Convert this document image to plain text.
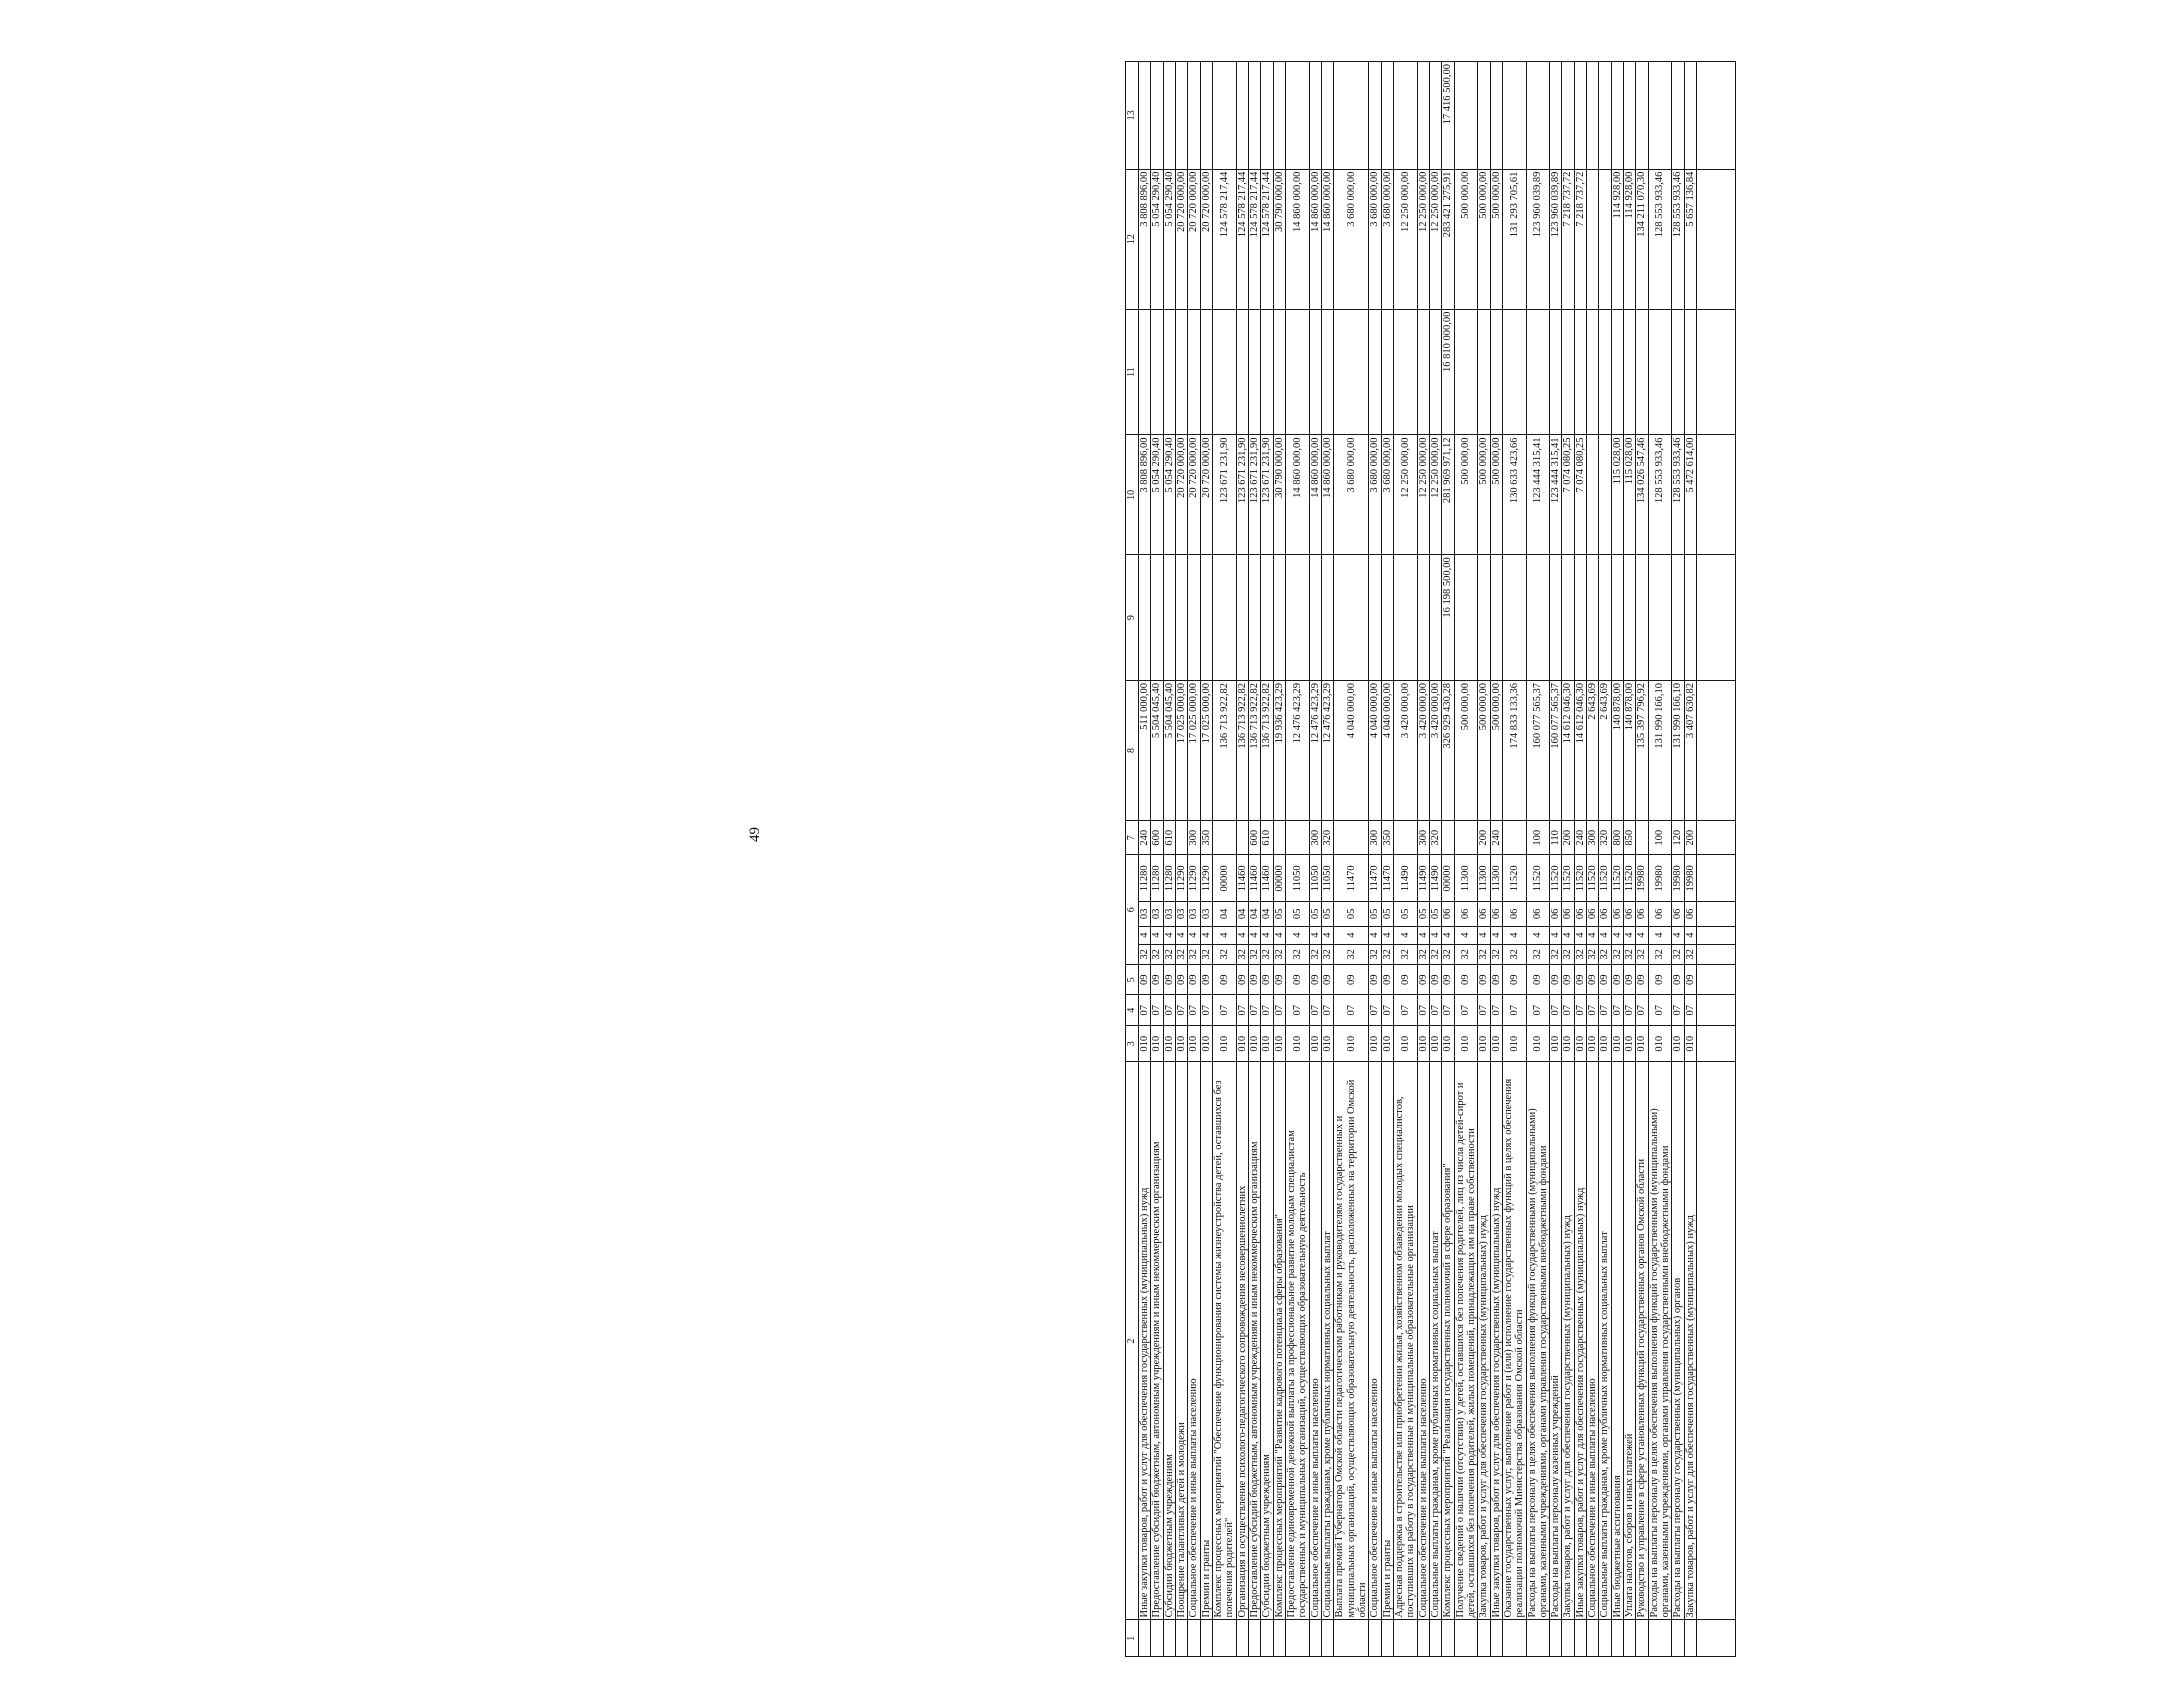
49
1	2	3	4	5	6				7	8	9	10	11	12	13
	Иные закупки товаров, работ и услуг для обеспечения государственных (муниципальных) нужд	010	07	09	32	4	03	11280	240	511 000,00		3 808 896,00		3 808 896,00	
	Предоставление субсидий бюджетным, автономным учреждениям и иным некоммерческим организациям	010	07	09	32	4	03	11280	600	5 504 045,40		5 054 290,40		5 054 290,40	
	Субсидии бюджетным учреждениям	010	07	09	32	4	03	11280	610	5 504 045,40		5 054 290,40		5 054 290,40	
	Поощрение талантливых детей и молодежи	010	07	09	32	4	03	11290		17 025 000,00		20 720 000,00		20 720 000,00	
	Социальное обеспечение и иные выплаты населению	010	07	09	32	4	03	11290	300	17 025 000,00		20 720 000,00		20 720 000,00	
	Премии и гранты	010	07	09	32	4	03	11290	350	17 025 000,00		20 720 000,00		20 720 000,00	
	Комплекс процессных мероприятий "Обеспечение функционирования системы жизнеустройства детей, оставшихся без попечения родителей"	010	07	09	32	4	04	00000		136 713 922,82		123 671 231,90		124 578 217,44	
	Организация и осуществление психолого-педагогического сопровождения несовершеннолетних	010	07	09	32	4	04	11460		136 713 922,82		123 671 231,90		124 578 217,44	
	Предоставление субсидий бюджетным, автономным учреждениям и иным некоммерческим организациям	010	07	09	32	4	04	11460	600	136 713 922,82		123 671 231,90		124 578 217,44	
	Субсидии бюджетным учреждениям	010	07	09	32	4	04	11460	610	136 713 922,82		123 671 231,90		124 578 217,44	
	Комплекс процессных мероприятий "Развитие кадрового потенциала сферы образования"	010	07	09	32	4	05	00000		19 936 423,29		30 790 000,00		30 790 000,00	
	Предоставление единовременной денежной выплаты за профессиональное развитие молодым специалистам государственных и муниципальных организаций, осуществляющих образовательную деятельность	010	07	09	32	4	05	11050		12 476 423,29		14 860 000,00		14 860 000,00	
	Социальное обеспечение и иные выплаты населению	010	07	09	32	4	05	11050	300	12 476 423,29		14 860 000,00		14 860 000,00	
	Социальные выплаты гражданам, кроме публичных нормативных социальных выплат	010	07	09	32	4	05	11050	320	12 476 423,29		14 860 000,00		14 860 000,00	
	Выплата премий Губернатора Омской области педагогическим работникам и руководителям государственных и муниципальных организаций, осуществляющих образовательную деятельность, расположенных на территории Омской области	010	07	09	32	4	05	11470		4 040 000,00		3 680 000,00		3 680 000,00	
	Социальное обеспечение и иные выплаты населению	010	07	09	32	4	05	11470	300	4 040 000,00		3 680 000,00		3 680 000,00	
	Премии и гранты	010	07	09	32	4	05	11470	350	4 040 000,00		3 680 000,00		3 680 000,00	
	Адресная поддержка в строительстве или приобретении жилья, хозяйственном обзаведении молодых специалистов, поступивших на работу в государственные и муниципальные образовательные организации	010	07	09	32	4	05	11490		3 420 000,00		12 250 000,00		12 250 000,00	
	Социальное обеспечение и иные выплаты населению	010	07	09	32	4	05	11490	300	3 420 000,00		12 250 000,00		12 250 000,00	
	Социальные выплаты гражданам, кроме публичных нормативных социальных выплат	010	07	09	32	4	05	11490	320	3 420 000,00		12 250 000,00		12 250 000,00	
	Комплекс процессных мероприятий "Реализация государственных полномочий в сфере образования"	010	07	09	32	4	06	00000		326 929 430,28	16 198 500,00	281 969 971,12	16 810 000,00	283 421 275,91	17 416 500,00
	Получение сведений о наличии (отсутствии) у детей, оставшихся без попечения родителей, лиц из числа детей-сирот и детей, оставшихся без попечения родителей, жилых помещений, принадлежащих им на праве собственности	010	07	09	32	4	06	11300		500 000,00		500 000,00		500 000,00	
	Закупка товаров, работ и услуг для обеспечения государственных (муниципальных) нужд	010	07	09	32	4	06	11300	200	500 000,00		500 000,00		500 000,00	
	Иные закупки товаров, работ и услуг для обеспечения государственных (муниципальных) нужд	010	07	09	32	4	06	11300	240	500 000,00		500 000,00		500 000,00	
	Оказание государственных услуг, выполнение работ и (или) исполнение государственных функций в целях обеспечения реализации полномочий Министерства образования Омской области	010	07	09	32	4	06	11520		174 833 133,36		130 633 423,66		131 293 705,61	
	Расходы на выплаты персоналу в целях обеспечения выполнения функций государственными (муниципальными) органами, казенными учреждениями, органами управления государственными внебюджетными фондами	010	07	09	32	4	06	11520	100	160 077 565,37		123 444 315,41		123 960 039,89	
	Расходы на выплаты персоналу казенных учреждений	010	07	09	32	4	06	11520	110	160 077 565,37		123 444 315,41		123 960 039,89	
	Закупка товаров, работ и услуг для обеспечения государственных (муниципальных) нужд	010	07	09	32	4	06	11520	200	14 612 046,30		7 074 080,25		7 218 737,72	
	Иные закупки товаров, работ и услуг для обеспечения государственных (муниципальных) нужд	010	07	09	32	4	06	11520	240	14 612 046,30		7 074 080,25		7 218 737,72	
	Социальное обеспечение и иные выплаты населению	010	07	09	32	4	06	11520	300	2 643,69					
	Социальные выплаты гражданам, кроме публичных нормативных социальных выплат	010	07	09	32	4	06	11520	320	2 643,69					
	Иные бюджетные ассигнования	010	07	09	32	4	06	11520	800	140 878,00		115 028,00		114 928,00	
	Уплата налогов, сборов и иных платежей	010	07	09	32	4	06	11520	850	140 878,00		115 028,00		114 928,00	
	Руководство и управление в сфере установленных функций государственных органов Омской области	010	07	09	32	4	06	19980		135 397 796,92		134 026 547,46		134 211 070,30	
	Расходы на выплаты персоналу в целях обеспечения выполнения функций государственными (муниципальными) органами, казенными учреждениями, органами управления государственными внебюджетными фондами	010	07	09	32	4	06	19980	100	131 990 166,10		128 553 933,46		128 553 933,46	
	Расходы на выплаты персоналу государственных (муниципальных) органов	010	07	09	32	4	06	19980	120	131 990 166,10		128 553 933,46		128 553 933,46	
	Закупка товаров, работ и услуг для обеспечения государственных (муниципальных) нужд	010	07	09	32	4	06	19980	200	3 407 630,82		5 472 614,00		5 657 136,84	
